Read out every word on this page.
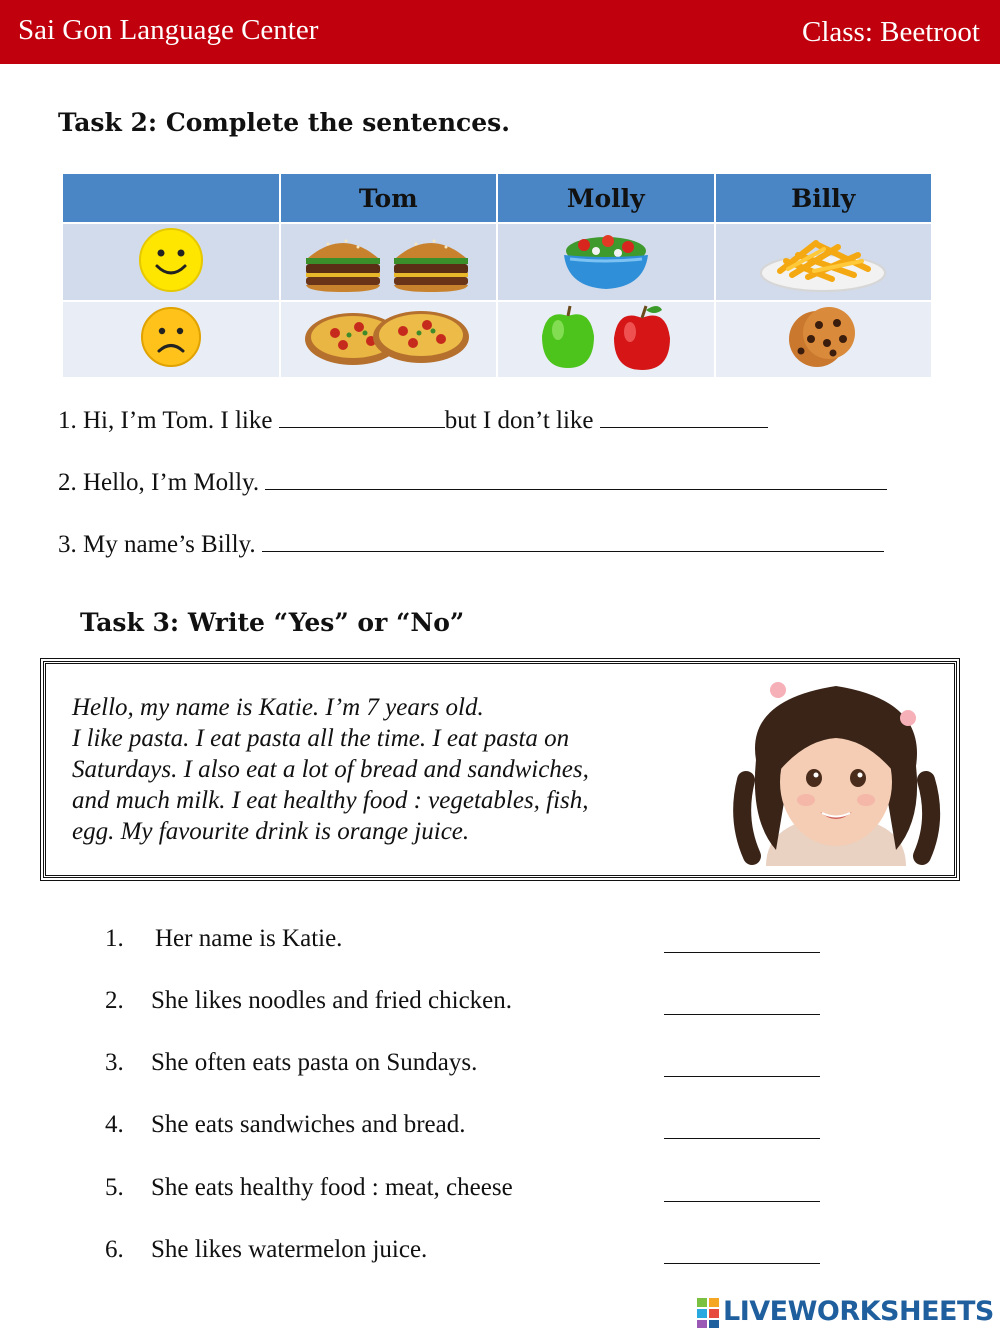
Sai Gon Language Center	Class: Beetroot
Task 2: Complete the sentences.
	Tom	Molly	Billy

1. Hi, I’m Tom. I like	but I don’t like
2. Hello, I’m Molly.
3. My name’s Billy.
Task 3: Write “Yes” or “No”
Hello, my name is Katie. I’m 7 years old.
I like pasta. I eat pasta all the time. I eat pasta on
Saturdays. I also eat a lot of bread and sandwiches,
and much milk. I eat healthy food : vegetables, fish,
egg. My favourite drink is orange juice.
1. Her name is Katie.
2. She likes noodles and fried chicken.
3. She often eats pasta on Sundays.
4. She eats sandwiches and bread.
5. She eats healthy food : meat, cheese
6. She likes watermelon juice.
LIVEWORKSHEETS
